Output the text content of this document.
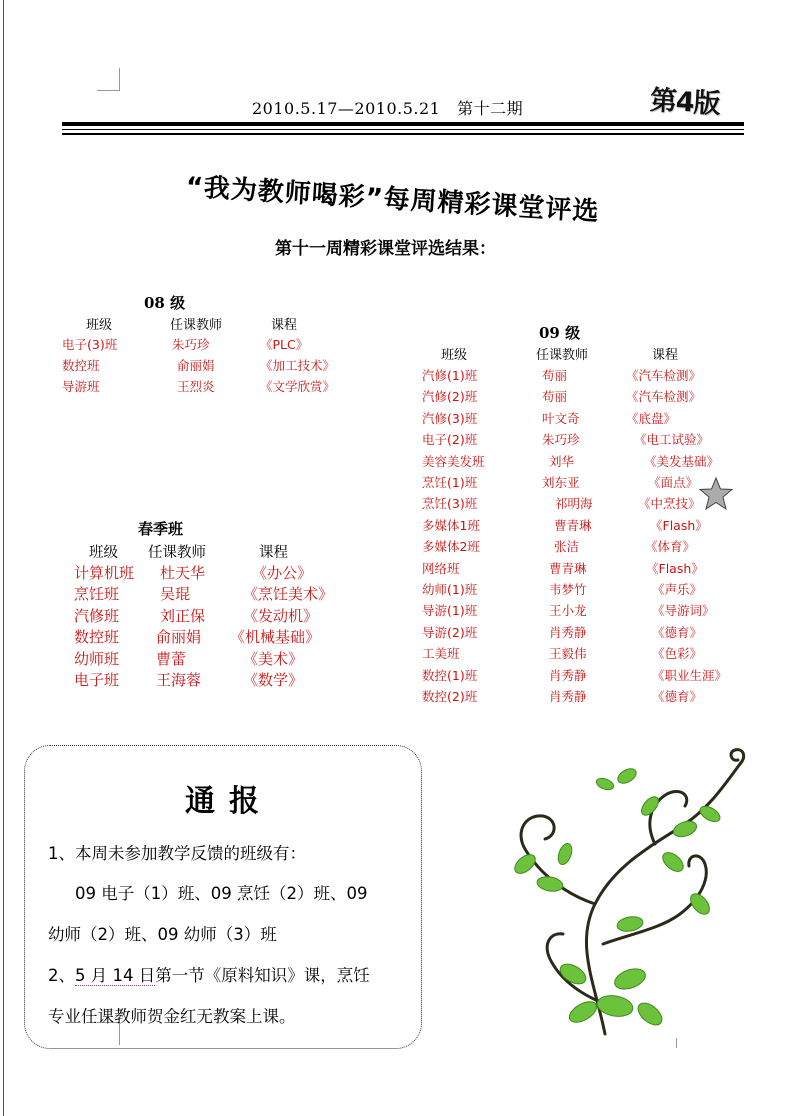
2010.5.17—2010.5.21   第十二期	第4版
“我为教师喝彩”每周精彩课堂评选
第十一周精彩课堂评选结果：
08 级
班级	任课教师	课程
电子(3)班	朱巧珍	《PLC》
数控班	俞丽娟	《加工技术》
导游班	王烈炎	《文学欣赏》
春季班
班级 任课教师	课程
计算机班 杜天华	《办公》
烹饪班	吴琨	《烹饪美术》
汽修班	刘正保	《发动机》
数控班 俞丽娟 《机械基础》
幼师班 曹蕾	《美术》
电子班 王海蓉	《数学》
09 级
班级	任课教师	课程
汽修(1)班	苟丽	《汽车检测》
汽修(2)班	苟丽	《汽车检测》
汽修(3)班	叶文奇	《底盘》
电子(2)班	朱巧珍	《电工试验》
美容美发班	刘华	《美发基础》
烹饪(1)班	刘东亚	《面点》
烹饪(3)班	祁明海	《中烹技》
多媒体1班	曹青琳	《Flash》
多媒体2班	张洁	《体育》
网络班	曹青琳	《Flash》
幼师(1)班	韦梦竹	《声乐》
导游(1)班	王小龙	《导游词》
导游(2)班	肖秀静	《德育》
工美班	王毅伟	《色彩》
数控(1)班	肖秀静	《职业生涯》
数控(2)班	肖秀静	《德育》
通报
1、本周未参加教学反馈的班级有：
09 电子（1）班、09 烹饪（2）班、09
幼师（2）班、09 幼师（3）班
2、5 月 14 日第一节《原料知识》课，烹饪
专业任课教师贺金红无教案上课。
